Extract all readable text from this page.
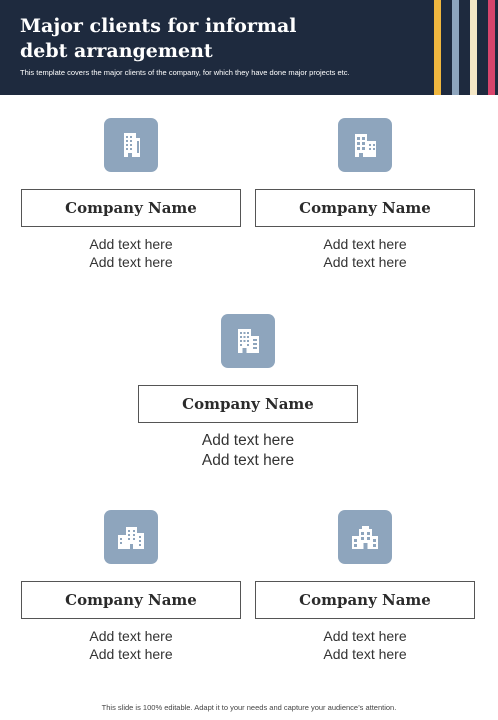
Major clients for informal
debt arrangement
This template covers the major clients of the company, for which they have done major projects etc.
Company Name
Add text here
Add text here
Company Name
Add text here
Add text here
Company Name
Add text here
Add text here
Company Name
Add text here
Add text here
Company Name
Add text here
Add text here
This slide is 100% editable. Adapt it to your needs and capture your audience’s attention.
